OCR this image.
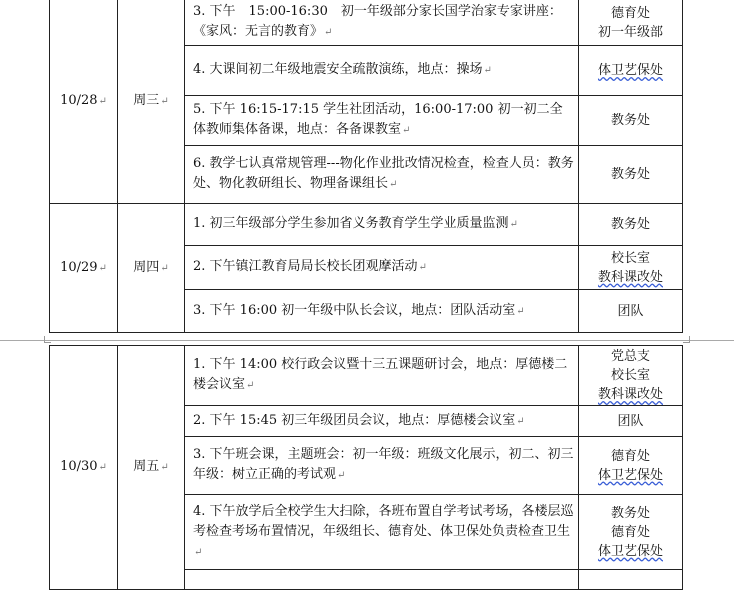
10/28↵	周三↵	3. 下午　15:00-16:30　初一年级部分家长国学治家专家讲座：《家风：无言的教育》↵	德育处
初一年级部

		4. 大课间初二年级地震安全疏散演练，地点：操场↵	体卫艺保处

		5. 下午 16:15-17:15 学生社团活动，16:00-17:00 初一初二全体教师集体备课，地点：各备课教室↵	教务处

		6. 教学七认真常规管理---物化作业批改情况检查，检查人员：教务处、物化教研组长、物理备课组长↵	教务处

10/29↵	周四↵	1. 初三年级部分学生参加省义务教育学生学业质量监测↵	教务处

		2. 下午镇江教育局局长校长团观摩活动↵	校长室
教科课改处

		3. 下午 16:00 初一年级中队长会议，地点：团队活动室↵	团队
10/30↵	周五↵	1. 下午 14:00 校行政会议暨十三五课题研讨会，地点：厚德楼二楼会议室↵	党总支
校长室
教科课改处

		2. 下午 15:45 初三年级团员会议，地点：厚德楼会议室↵	团队

		3. 下午班会课，主题班会：初一年级：班级文化展示，初二、初三年级：树立正确的考试观↵	德育处
体卫艺保处

		4. 下午放学后全校学生大扫除，各班布置自学考试考场，各楼层巡考检查考场布置情况，年级组长、德育处、体卫保处负责检查卫生↵	教务处
德育处
体卫艺保处
